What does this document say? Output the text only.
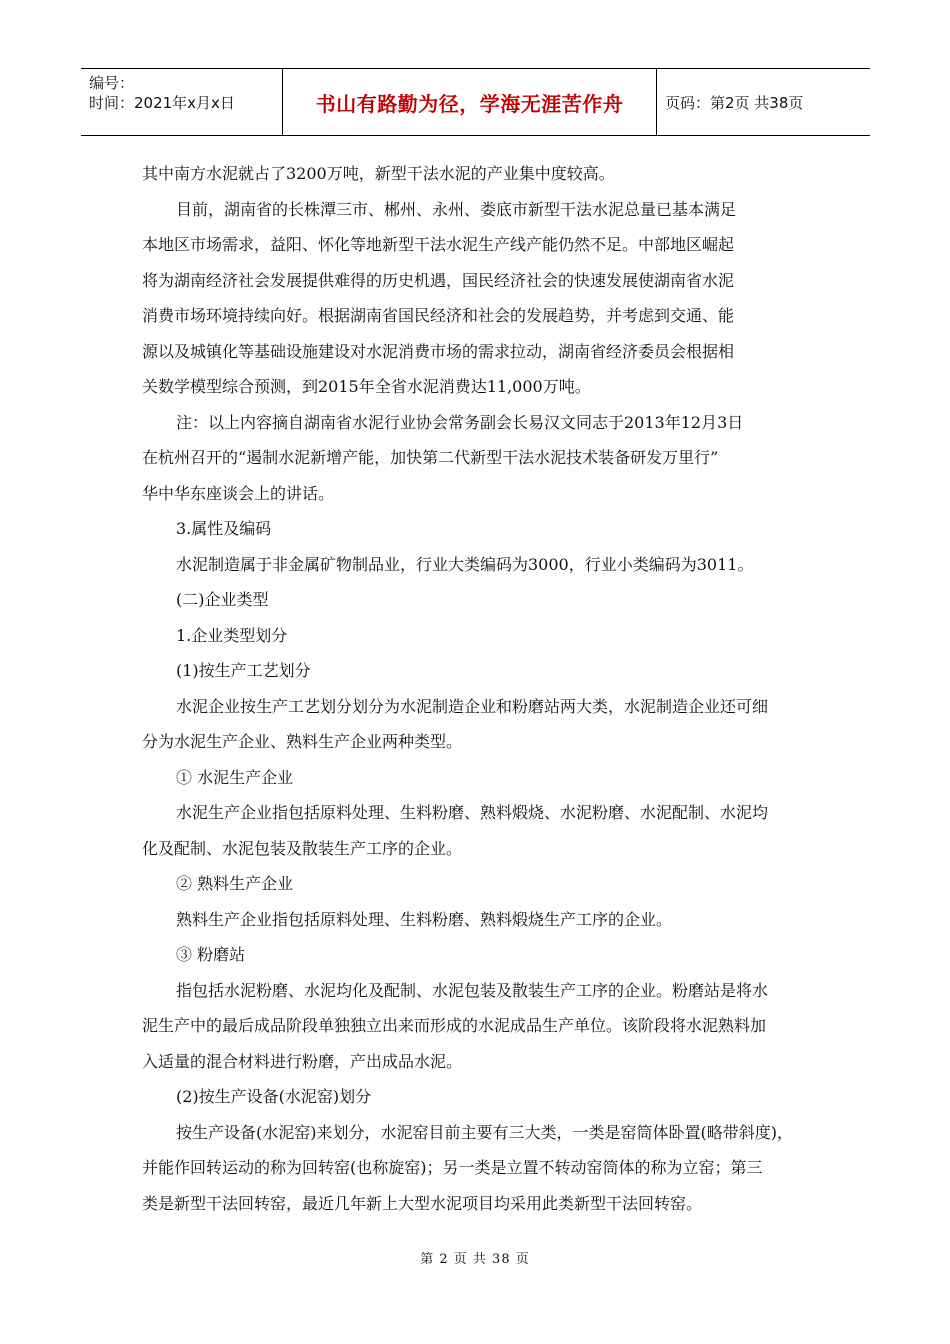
编号：
时间：2021年x月x日	书山有路勤为径，学海无涯苦作舟	页码：第2页 共38页

其中南方水泥就占了3200万吨，新型干法水泥的产业集中度较高。

目前，湖南省的长株潭三市、郴州、永州、娄底市新型干法水泥总量已基本满足

本地区市场需求，益阳、怀化等地新型干法水泥生产线产能仍然不足。中部地区崛起

将为湖南经济社会发展提供难得的历史机遇，国民经济社会的快速发展使湖南省水泥

消费市场环境持续向好。根据湖南省国民经济和社会的发展趋势，并考虑到交通、能

源以及城镇化等基础设施建设对水泥消费市场的需求拉动，湖南省经济委员会根据相

关数学模型综合预测，到2015年全省水泥消费达11,000万吨。

注：以上内容摘自湖南省水泥行业协会常务副会长易汉文同志于2013年12月3日

在杭州召开的“遏制水泥新增产能，加快第二代新型干法水泥技术装备研发万里行”

华中华东座谈会上的讲话。

3.属性及编码

水泥制造属于非金属矿物制品业，行业大类编码为3000，行业小类编码为3011。

(二)企业类型

1.企业类型划分

(1)按生产工艺划分

水泥企业按生产工艺划分划分为水泥制造企业和粉磨站两大类，水泥制造企业还可细

分为水泥生产企业、熟料生产企业两种类型。

① 水泥生产企业

水泥生产企业指包括原料处理、生料粉磨、熟料煅烧、水泥粉磨、水泥配制、水泥均

化及配制、水泥包装及散装生产工序的企业。

② 熟料生产企业

熟料生产企业指包括原料处理、生料粉磨、熟料煅烧生产工序的企业。

③ 粉磨站

指包括水泥粉磨、水泥均化及配制、水泥包装及散装生产工序的企业。粉磨站是将水

泥生产中的最后成品阶段单独独立出来而形成的水泥成品生产单位。该阶段将水泥熟料加

入适量的混合材料进行粉磨，产出成品水泥。

(2)按生产设备(水泥窑)划分

按生产设备(水泥窑)来划分，水泥窑目前主要有三大类，一类是窑筒体卧置(略带斜度)，

并能作回转运动的称为回转窑(也称旋窑)；另一类是立置不转动窑筒体的称为立窑；第三

类是新型干法回转窑，最近几年新上大型水泥项目均采用此类新型干法回转窑。

第 2 页 共 38 页
